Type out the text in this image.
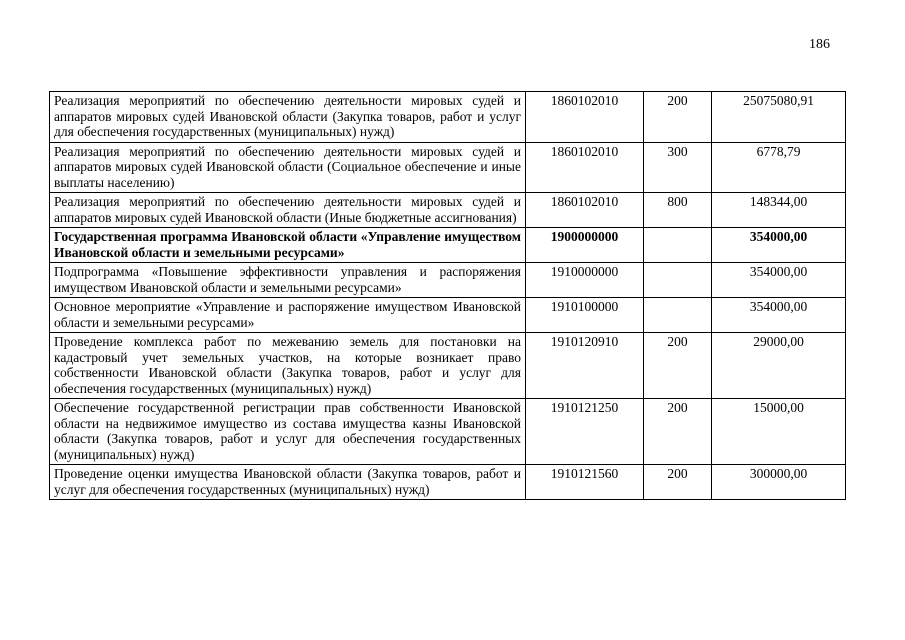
186
Реализация мероприятий по обеспечению деятельности мировых судей и аппаратов мировых судей Ивановской области (Закупка товаров, работ и услуг для обеспечения государственных (муниципальных) нужд)	1860102010	200	25075080,91
Реализация мероприятий по обеспечению деятельности мировых судей и аппаратов мировых судей Ивановской области (Социальное обеспечение и иные выплаты населению)	1860102010	300	6778,79
Реализация мероприятий по обеспечению деятельности мировых судей и аппаратов мировых судей Ивановской области (Иные бюджетные ассигнования)	1860102010	800	148344,00
Государственная программа Ивановской области «Управление имуществом Ивановской области и земельными ресурсами»	1900000000		354000,00
Подпрограмма «Повышение эффективности управления и распоряжения имуществом Ивановской области и земельными ресурсами»	1910000000		354000,00
Основное мероприятие «Управление и распоряжение имуществом Ивановской области и земельными ресурсами»	1910100000		354000,00
Проведение комплекса работ по межеванию земель для постановки на кадастровый учет земельных участков, на которые возникает право собственности Ивановской области (Закупка товаров, работ и услуг для обеспечения государственных (муниципальных) нужд)	1910120910	200	29000,00
Обеспечение государственной регистрации прав собственности Ивановской области на недвижимое имущество из состава имущества казны Ивановской области (Закупка товаров, работ и услуг для обеспечения государственных (муниципальных) нужд)	1910121250	200	15000,00
Проведение оценки имущества Ивановской области (Закупка товаров, работ и услуг для обеспечения государственных (муниципальных) нужд)	1910121560	200	300000,00
